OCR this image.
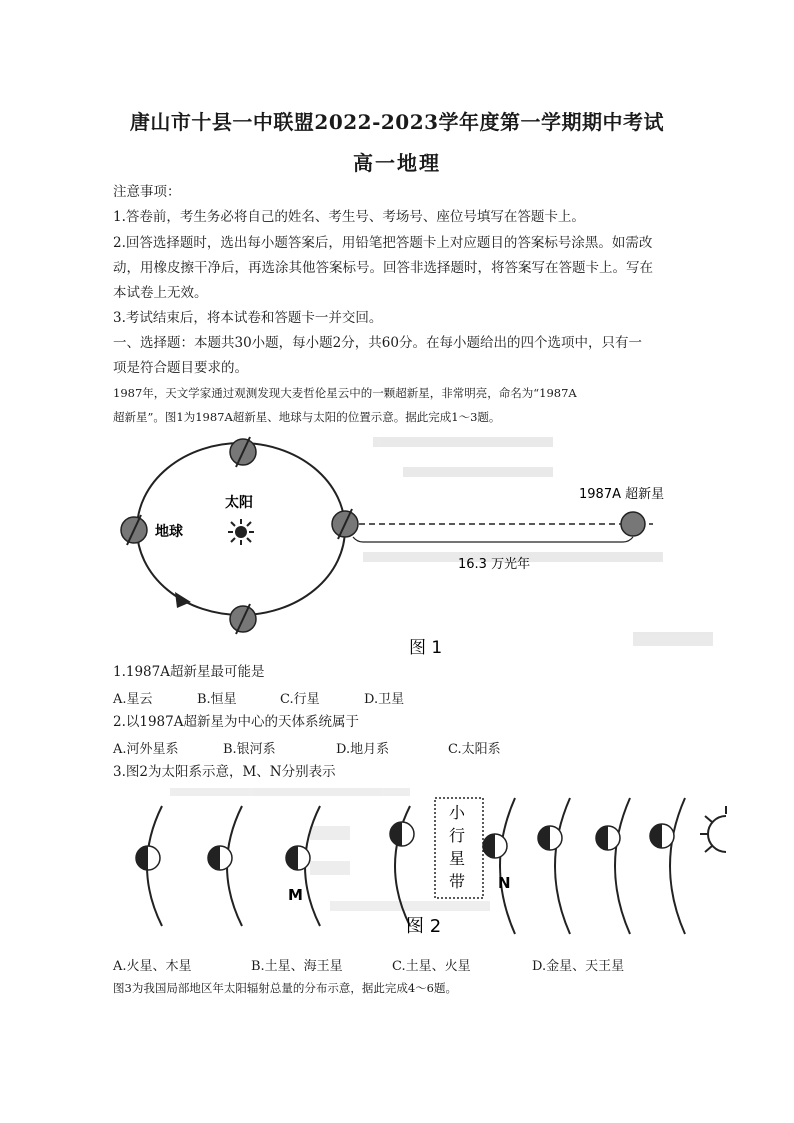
唐山市十县一中联盟2022-2023学年度第一学期期中考试
高一地理
注意事项：
1.答卷前，考生务必将自己的姓名、考生号、考场号、座位号填写在答题卡上。
2.回答选择题时，选出每小题答案后，用铅笔把答题卡上对应题目的答案标号涂黑。如需改
动，用橡皮擦干净后，再选涂其他答案标号。回答非选择题时，将答案写在答题卡上。写在
本试卷上无效。
3.考试结束后，将本试卷和答题卡一并交回。
一、选择题：本题共30小题，每小题2分，共60分。在每小题给出的四个选项中，只有一
项是符合题目要求的。
1987年，天文学家通过观测发现大麦哲伦星云中的一颗超新星，非常明亮，命名为“1987A
超新星”。图1为1987A超新星、地球与太阳的位置示意。据此完成1～3题。
太阳
地球
1987A 超新星
16.3 万光年
图 1
1.1987A超新星最可能是
A.星云	B.恒星	C.行星	D.卫星
2.以1987A超新星为中心的天体系统属于
A.河外星系	B.银河系	D.地月系	C.太阳系
3.图2为太阳系示意，M、N分别表示
小
行
星
带
M
N
图 2
A.火星、木星	B.土星、海王星	C.土星、火星	D.金星、天王星
图3为我国局部地区年太阳辐射总量的分布示意，据此完成4～6题。
